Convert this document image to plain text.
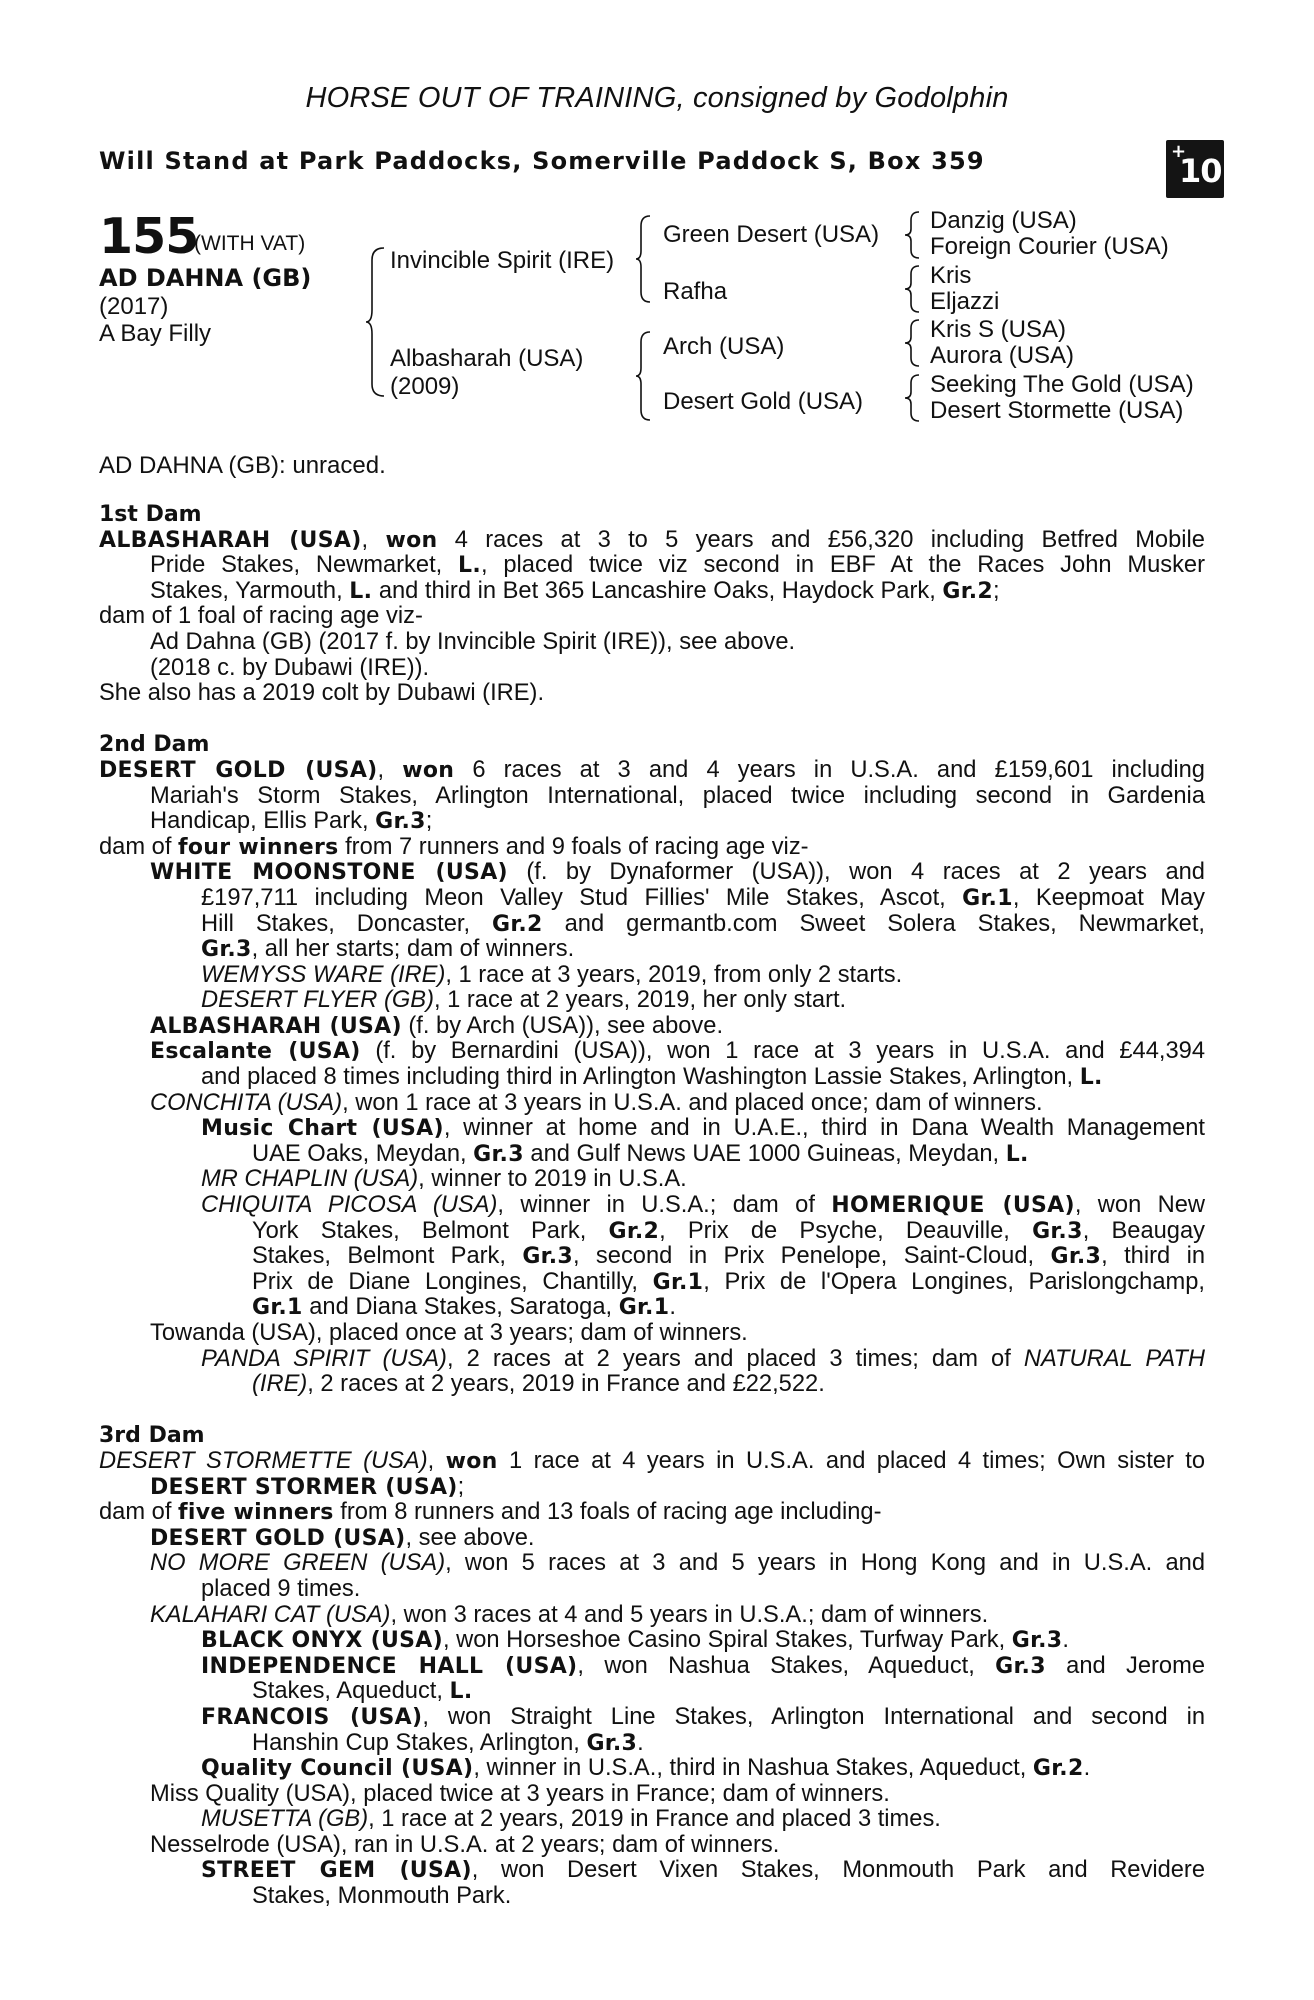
HORSE OUT OF TRAINING, consigned by Godolphin
Will Stand at Park Paddocks, Somerville Paddock S, Box 359	+
10
155
(WITH VAT)
AD DAHNA (GB)
(2017)
A Bay Filly
Invincible Spirit (IRE)
Albasharah (USA)
(2009)
Green Desert (USA)
Rafha
Arch (USA)
Desert Gold (USA)
Danzig (USA)
Foreign Courier (USA)
Kris
Eljazzi
Kris S (USA)
Aurora (USA)
Seeking The Gold (USA)
Desert Stormette (USA)
AD DAHNA (GB): unraced.
1st Dam
ALBASHARAH (USA), won 4 races at 3 to 5 years and £56,320 including Betfred Mobile
Pride Stakes, Newmarket, L., placed twice viz second in EBF At the Races John Musker
Stakes, Yarmouth, L. and third in Bet 365 Lancashire Oaks, Haydock Park, Gr.2;
dam of 1 foal of racing age viz-
Ad Dahna (GB) (2017 f. by Invincible Spirit (IRE)), see above.
(2018 c. by Dubawi (IRE)).
She also has a 2019 colt by Dubawi (IRE).
2nd Dam
DESERT GOLD (USA), won 6 races at 3 and 4 years in U.S.A. and £159,601 including
Mariah's Storm Stakes, Arlington International, placed twice including second in Gardenia
Handicap, Ellis Park, Gr.3;
dam of four winners from 7 runners and 9 foals of racing age viz-
WHITE MOONSTONE (USA) (f. by Dynaformer (USA)), won 4 races at 2 years and
£197,711 including Meon Valley Stud Fillies' Mile Stakes, Ascot, Gr.1, Keepmoat May
Hill Stakes, Doncaster, Gr.2 and germantb.com Sweet Solera Stakes, Newmarket,
Gr.3, all her starts; dam of winners.
WEMYSS WARE (IRE), 1 race at 3 years, 2019, from only 2 starts.
DESERT FLYER (GB), 1 race at 2 years, 2019, her only start.
ALBASHARAH (USA) (f. by Arch (USA)), see above.
Escalante (USA) (f. by Bernardini (USA)), won 1 race at 3 years in U.S.A. and £44,394
and placed 8 times including third in Arlington Washington Lassie Stakes, Arlington, L.
CONCHITA (USA), won 1 race at 3 years in U.S.A. and placed once; dam of winners.
Music Chart (USA), winner at home and in U.A.E., third in Dana Wealth Management
UAE Oaks, Meydan, Gr.3 and Gulf News UAE 1000 Guineas, Meydan, L.
MR CHAPLIN (USA), winner to 2019 in U.S.A.
CHIQUITA PICOSA (USA), winner in U.S.A.; dam of HOMERIQUE (USA), won New
York Stakes, Belmont Park, Gr.2, Prix de Psyche, Deauville, Gr.3, Beaugay
Stakes, Belmont Park, Gr.3, second in Prix Penelope, Saint-Cloud, Gr.3, third in
Prix de Diane Longines, Chantilly, Gr.1, Prix de l'Opera Longines, Parislongchamp,
Gr.1 and Diana Stakes, Saratoga, Gr.1.
Towanda (USA), placed once at 3 years; dam of winners.
PANDA SPIRIT (USA), 2 races at 2 years and placed 3 times; dam of NATURAL PATH
(IRE), 2 races at 2 years, 2019 in France and £22,522.
3rd Dam
DESERT STORMETTE (USA), won 1 race at 4 years in U.S.A. and placed 4 times; Own sister to
DESERT STORMER (USA);
dam of five winners from 8 runners and 13 foals of racing age including-
DESERT GOLD (USA), see above.
NO MORE GREEN (USA), won 5 races at 3 and 5 years in Hong Kong and in U.S.A. and
placed 9 times.
KALAHARI CAT (USA), won 3 races at 4 and 5 years in U.S.A.; dam of winners.
BLACK ONYX (USA), won Horseshoe Casino Spiral Stakes, Turfway Park, Gr.3.
INDEPENDENCE HALL (USA), won Nashua Stakes, Aqueduct, Gr.3 and Jerome
Stakes, Aqueduct, L.
FRANCOIS (USA), won Straight Line Stakes, Arlington International and second in
Hanshin Cup Stakes, Arlington, Gr.3.
Quality Council (USA), winner in U.S.A., third in Nashua Stakes, Aqueduct, Gr.2.
Miss Quality (USA), placed twice at 3 years in France; dam of winners.
MUSETTA (GB), 1 race at 2 years, 2019 in France and placed 3 times.
Nesselrode (USA), ran in U.S.A. at 2 years; dam of winners.
STREET GEM (USA), won Desert Vixen Stakes, Monmouth Park and Revidere
Stakes, Monmouth Park.
